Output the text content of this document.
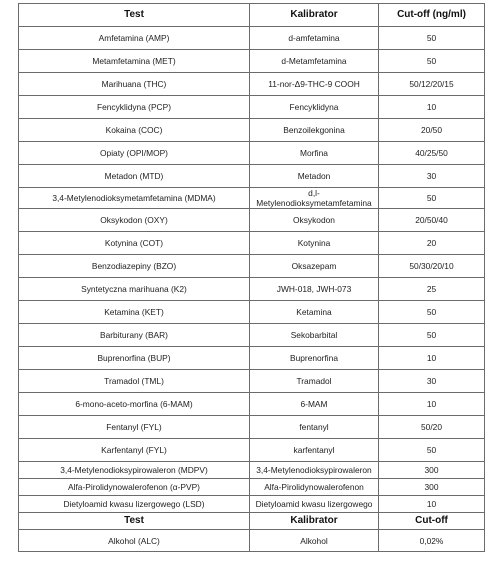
Test	Kalibrator	Cut-off (ng/ml)
Amfetamina (AMP)	d-amfetamina	50
Metamfetamina (MET)	d-Metamfetamina	50
Marihuana (THC)	11-nor-Δ9-THC-9 COOH	50/12/20/15
Fencyklidyna (PCP)	Fencyklidyna	10
Kokaina (COC)	Benzoilekgonina	20/50
Opiaty (OPI/MOP)	Morfina	40/25/50
Metadon (MTD)	Metadon	30
3,4-Metylenodioksymetamfetamina (MDMA)	d,l-Metylenodioksymetamfetamina	50
Oksykodon (OXY)	Oksykodon	20/50/40
Kotynina (COT)	Kotynina	20
Benzodiazepiny (BZO)	Oksazepam	50/30/20/10
Syntetyczna marihuana (K2)	JWH-018, JWH-073	25
Ketamina (KET)	Ketamina	50
Barbiturany (BAR)	Sekobarbital	50
Buprenorfina (BUP)	Buprenorfina	10
Tramadol (TML)	Tramadol	30
6-mono-aceto-morfina (6-MAM)	6-MAM	10
Fentanyl (FYL)	fentanyl	50/20
Karfentanyl (FYL)	karfentanyl	50
3,4-Metylenodioksypirowaleron (MDPV)	3,4-Metylenodioksypirowaleron	300
Alfa-Pirolidynowalerofenon (α-PVP)	Alfa-Pirolidynowalerofenon	300
Dietyloamid kwasu lizergowego (LSD)	Dietyloamid kwasu lizergowego	10
Test	Kalibrator	Cut-off
Alkohol (ALC)	Alkohol	0,02%
